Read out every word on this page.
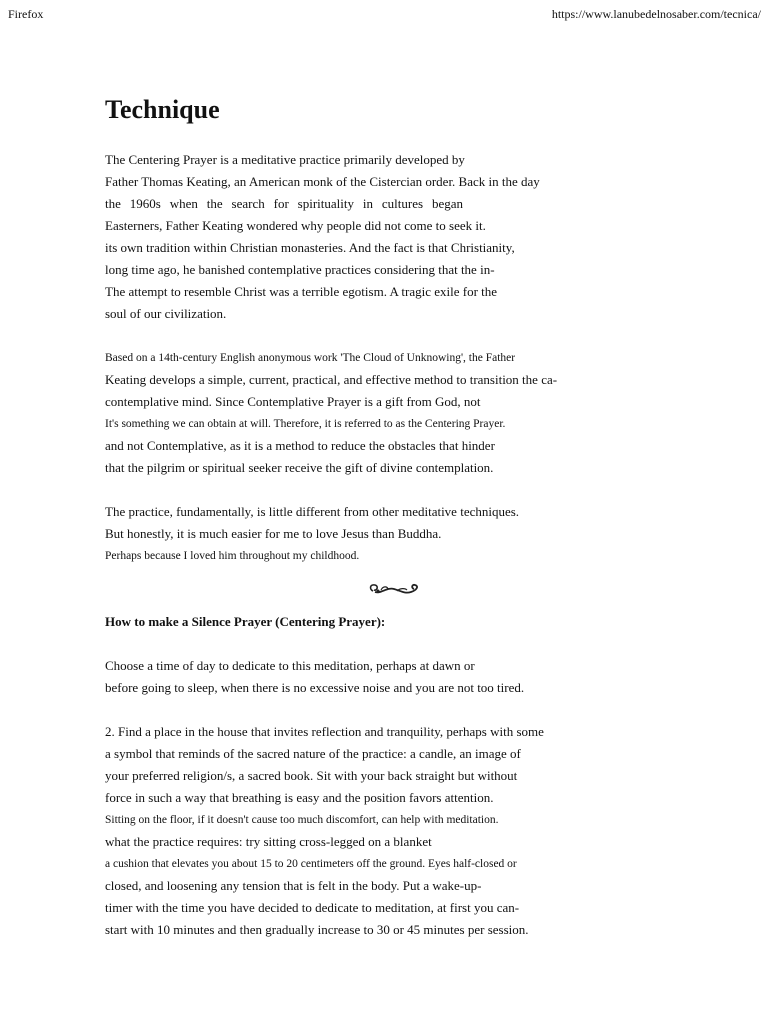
Firefox	https://www.lanubedelnosaber.com/tecnica/
Technique
The Centering Prayer is a meditative practice primarily developed by
Father Thomas Keating, an American monk of the Cistercian order. Back in the day
the 1960s when the search for spirituality in cultures began
Easterners, Father Keating wondered why people did not come to seek it.
its own tradition within Christian monasteries. And the fact is that Christianity,
long time ago, he banished contemplative practices considering that the in-
The attempt to resemble Christ was a terrible egotism. A tragic exile for the
soul of our civilization.
Based on a 14th-century English anonymous work 'The Cloud of Unknowing', the Father
Keating develops a simple, current, practical, and effective method to transition the ca-
contemplative mind. Since Contemplative Prayer is a gift from God, not
It's something we can obtain at will. Therefore, it is referred to as the Centering Prayer.
and not Contemplative, as it is a method to reduce the obstacles that hinder
that the pilgrim or spiritual seeker receive the gift of divine contemplation.
The practice, fundamentally, is little different from other meditative techniques.
But honestly, it is much easier for me to love Jesus than Buddha.
Perhaps because I loved him throughout my childhood.

How to make a Silence Prayer (Centering Prayer):

Choose a time of day to dedicate to this meditation, perhaps at dawn or
before going to sleep, when there is no excessive noise and you are not too tired.
2. Find a place in the house that invites reflection and tranquility, perhaps with some
a symbol that reminds of the sacred nature of the practice: a candle, an image of
your preferred religion/s, a sacred book. Sit with your back straight but without
force in such a way that breathing is easy and the position favors attention.
Sitting on the floor, if it doesn't cause too much discomfort, can help with meditation.
what the practice requires: try sitting cross-legged on a blanket
a cushion that elevates you about 15 to 20 centimeters off the ground. Eyes half-closed or
closed, and loosening any tension that is felt in the body. Put a wake-up-
timer with the time you have decided to dedicate to meditation, at first you can-
start with 10 minutes and then gradually increase to 30 or 45 minutes per session.
